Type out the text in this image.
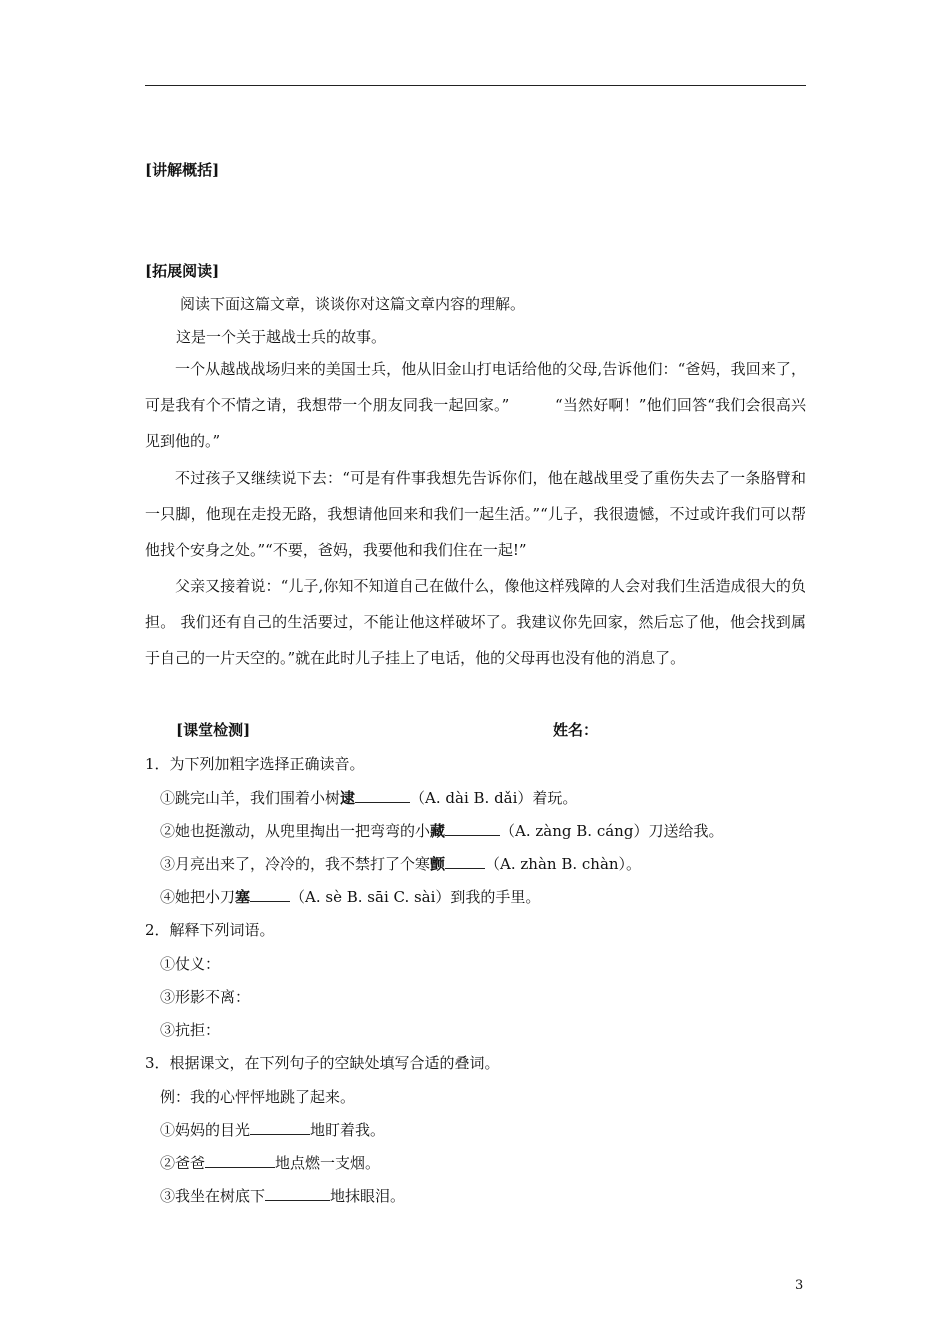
[讲解概括]
[拓展阅读]
阅读下面这篇文章，谈谈你对这篇文章内容的理解。
这是一个关于越战士兵的故事。
一个从越战战场归来的美国士兵，他从旧金山打电话给他的父母,告诉他们：“爸妈，我回来了，可是我有个不情之请，我想带一个朋友同我一起回家。”　　　“当然好啊！”他们回答“我们会很高兴见到他的。”
不过孩子又继续说下去：“可是有件事我想先告诉你们，他在越战里受了重伤失去了一条胳臂和一只脚，他现在走投无路，我想请他回来和我们一起生活。”“儿子，我很遗憾，不过或许我们可以帮他找个安身之处。”“不要，爸妈，我要他和我们住在一起!”
父亲又接着说：“儿子,你知不知道自己在做什么，像他这样残障的人会对我们生活造成很大的负担。 我们还有自己的生活要过，不能让他这样破坏了。我建议你先回家，然后忘了他，他会找到属于自己的一片天空的。”就在此时儿子挂上了电话，他的父母再也没有他的消息了。
[课堂检测]	姓名：
1．为下列加粗字选择正确读音。
①跳完山羊，我们围着小树逮	（A. dài B. dǎi）着玩。
②她也挺激动，从兜里掏出一把弯弯的小藏	（A. zàng B. cáng）刀送给我。
③月亮出来了，冷冷的，我不禁打了个寒颤	（A. zhàn B. chàn）。
④她把小刀塞	（A. sè B. sāi C. sài）到我的手里。
2．解释下列词语。
①仗义：
③形影不离：
③抗拒：
3．根据课文，在下列句子的空缺处填写合适的叠词。
例：我的心怦怦地跳了起来。
①妈妈的目光	地盯着我。
②爸爸	地点燃一支烟。
③我坐在树底下	地抹眼泪。
3
